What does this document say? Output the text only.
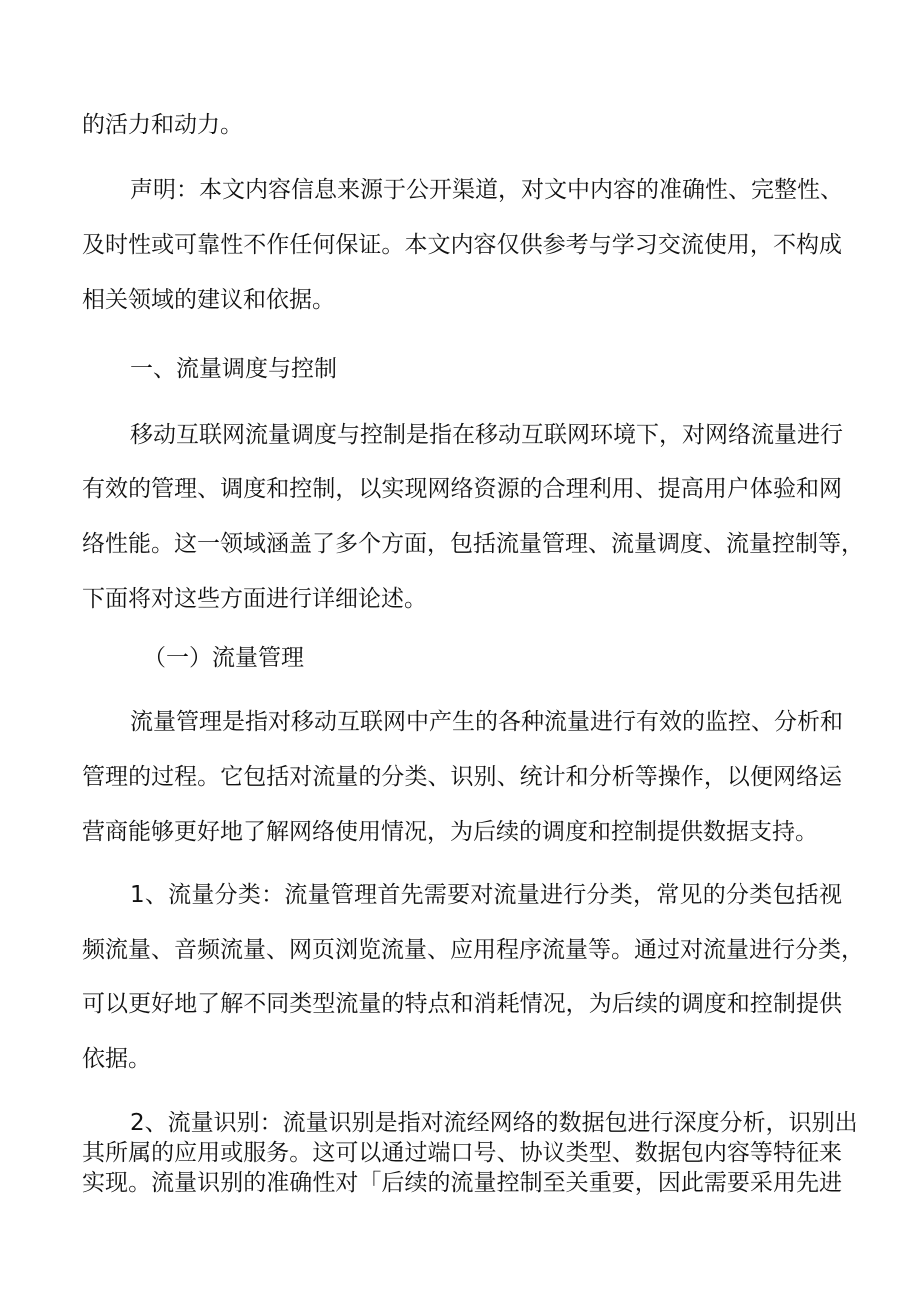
的活力和动力。
声明：本文内容信息来源于公开渠道，对文中内容的准确性、完整性、
及时性或可靠性不作任何保证。本文内容仅供参考与学习交流使用，不构成
相关领域的建议和依据。
一、流量调度与控制
移动互联网流量调度与控制是指在移动互联网环境下，对网络流量进行
有效的管理、调度和控制，以实现网络资源的合理利用、提高用户体验和网
络性能。这一领域涵盖了多个方面，包括流量管理、流量调度、流量控制等，
下面将对这些方面进行详细论述。
（一）流量管理
流量管理是指对移动互联网中产生的各种流量进行有效的监控、分析和
管理的过程。它包括对流量的分类、识别、统计和分析等操作，以便网络运
营商能够更好地了解网络使用情况，为后续的调度和控制提供数据支持。
1、流量分类：流量管理首先需要对流量进行分类，常见的分类包括视
频流量、音频流量、网页浏览流量、应用程序流量等。通过对流量进行分类，
可以更好地了解不同类型流量的特点和消耗情况，为后续的调度和控制提供
依据。
2、流量识别：流量识别是指对流经网络的数据包进行深度分析，识别出
其所属的应用或服务。这可以通过端口号、协议类型、数据包内容等特征来
实现。流量识别的准确性对「后续的流量控制至关重要，因此需要采用先进
